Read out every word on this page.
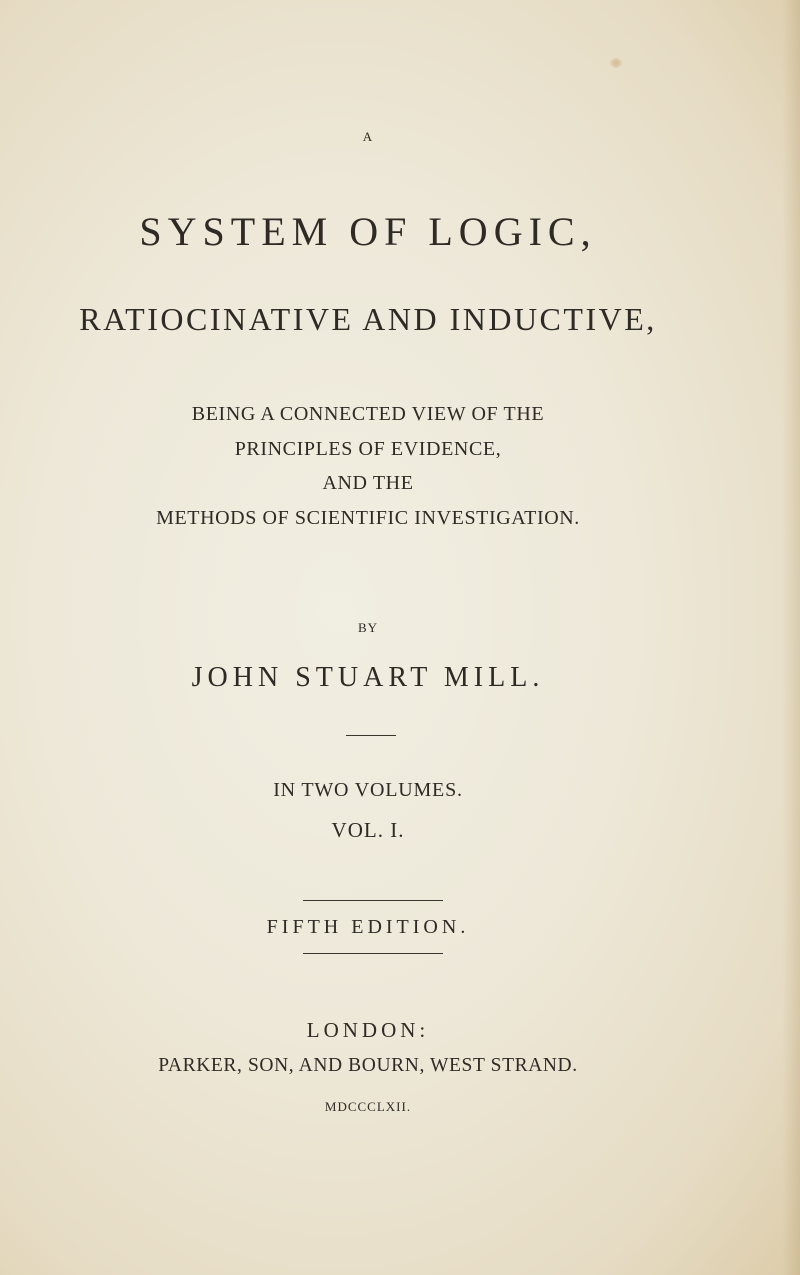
A
SYSTEM OF LOGIC,
RATIOCINATIVE AND INDUCTIVE,
BEING A CONNECTED VIEW OF THE
PRINCIPLES OF EVIDENCE,
AND THE
METHODS OF SCIENTIFIC INVESTIGATION.
BY
JOHN STUART MILL.
IN TWO VOLUMES.
VOL. I.
FIFTH EDITION.
LONDON:
PARKER, SON, AND BOURN, WEST STRAND.
MDCCCLXII.
